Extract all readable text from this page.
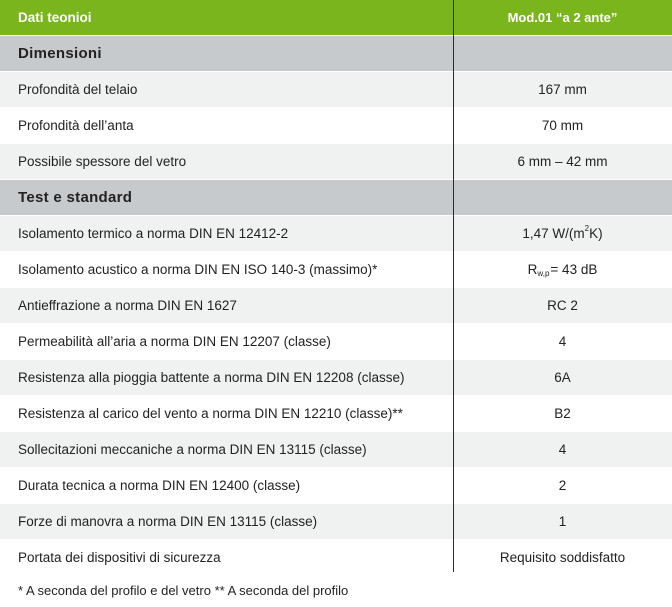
Dati teonioi	Mod.01 “a 2 ante”
Dimensioni
Profondità del telaio	167 mm
Profondità dell’anta	70 mm
Possibile spessore del vetro	6 mm – 42 mm
Test e standard
Isolamento termico a norma DIN EN 12412-2	1,47 W/(m 2 K)
Isolamento acustico a norma DIN EN ISO 140-3 (massimo)*	R w,p = 43 dB
Antieffrazione a norma DIN EN 1627	RC 2
Permeabilità all’aria a norma DIN EN 12207 (classe)	4
Resistenza alla pioggia battente a norma DIN EN 12208 (classe)	6A
Resistenza al carico del vento a norma DIN EN 12210 (classe)**	B2
Sollecitazioni meccaniche a norma DIN EN 13115 (classe)	4
Durata tecnica a norma DIN EN 12400 (classe)	2
Forze di manovra a norma DIN EN 13115 (classe)	1
Portata dei dispositivi di sicurezza	Requisito soddisfatto
* A seconda del profilo e del vetro ** A seconda del profilo
